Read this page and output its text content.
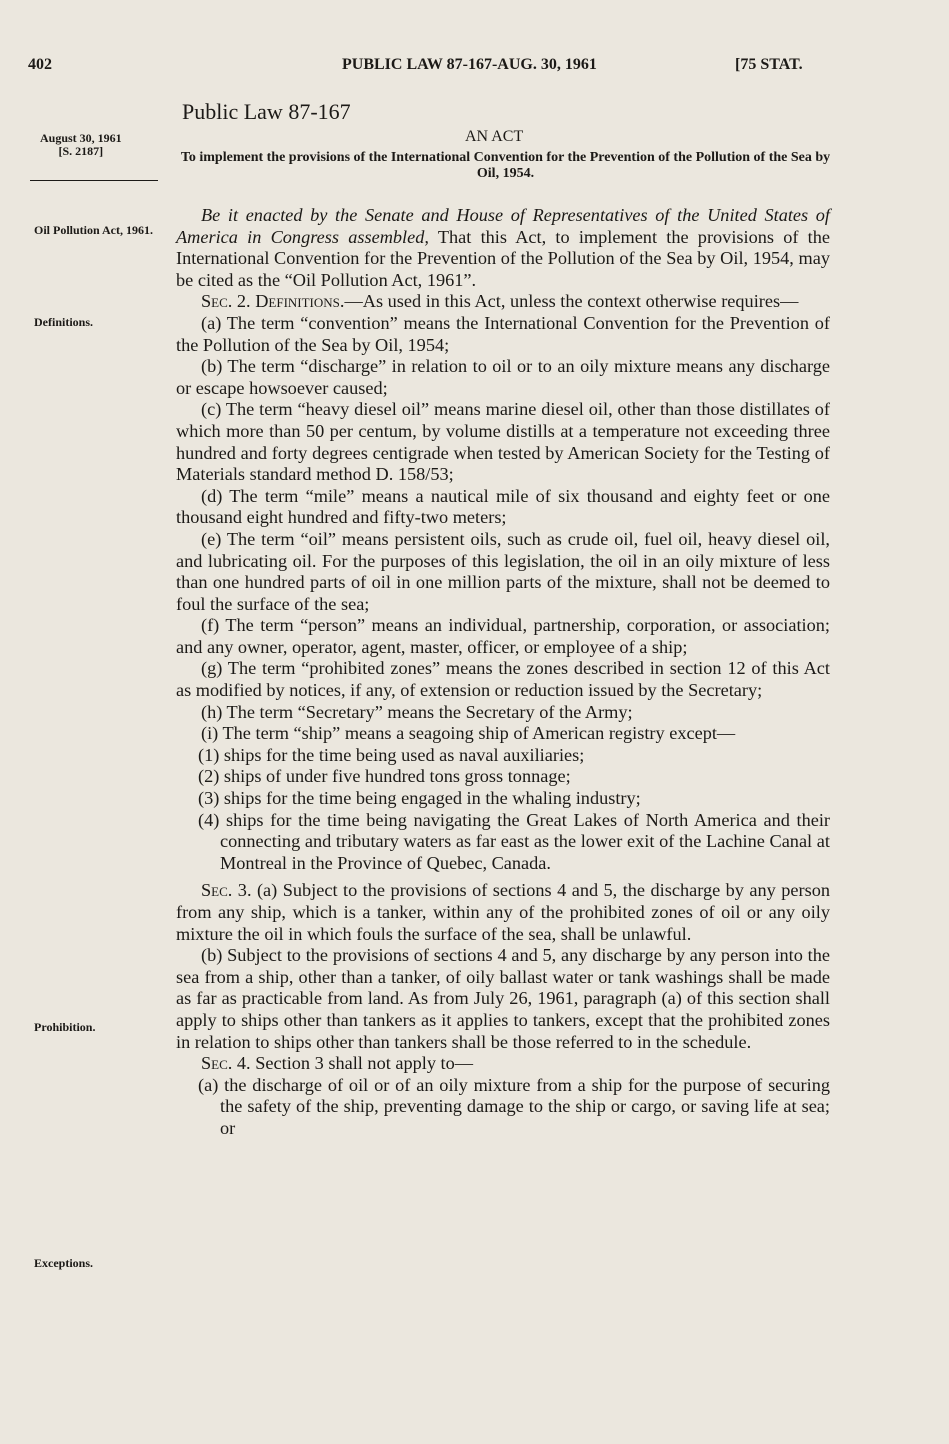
402	PUBLIC LAW 87-167-AUG. 30, 1961	[75 STAT.
Public Law 87-167
August 30, 1961
[S. 2187]
AN ACT
To implement the provisions of the International Convention for the Prevention of the Pollution of the Sea by Oil, 1954.
Oil Pollution Act, 1961.
Definitions.
Prohibition.
Exceptions.

Be it enacted by the Senate and House of Representatives of the United States of America in Congress assembled, That this Act, to implement the provisions of the International Convention for the Prevention of the Pollution of the Sea by Oil, 1954, may be cited as the “Oil Pollution Act, 1961”.

Sec. 2. Definitions.—As used in this Act, unless the context otherwise requires—

(a) The term “convention” means the International Convention for the Prevention of the Pollution of the Sea by Oil, 1954;

(b) The term “discharge” in relation to oil or to an oily mixture means any discharge or escape howsoever caused;

(c) The term “heavy diesel oil” means marine diesel oil, other than those distillates of which more than 50 per centum, by volume distills at a temperature not exceeding three hundred and forty degrees centigrade when tested by American Society for the Testing of Materials standard method D. 158/53;

(d) The term “mile” means a nautical mile of six thousand and eighty feet or one thousand eight hundred and fifty-two meters;

(e) The term “oil” means persistent oils, such as crude oil, fuel oil, heavy diesel oil, and lubricating oil. For the purposes of this legislation, the oil in an oily mixture of less than one hundred parts of oil in one million parts of the mixture, shall not be deemed to foul the surface of the sea;

(f) The term “person” means an individual, partnership, corporation, or association; and any owner, operator, agent, master, officer, or employee of a ship;

(g) The term “prohibited zones” means the zones described in section 12 of this Act as modified by notices, if any, of extension or reduction issued by the Secretary;

(h) The term “Secretary” means the Secretary of the Army;

(i) The term “ship” means a seagoing ship of American registry except—

(1) ships for the time being used as naval auxiliaries;

(2) ships of under five hundred tons gross tonnage;

(3) ships for the time being engaged in the whaling industry;

(4) ships for the time being navigating the Great Lakes of North America and their connecting and tributary waters as far east as the lower exit of the Lachine Canal at Montreal in the Province of Quebec, Canada.

Sec. 3. (a) Subject to the provisions of sections 4 and 5, the discharge by any person from any ship, which is a tanker, within any of the prohibited zones of oil or any oily mixture the oil in which fouls the surface of the sea, shall be unlawful.

(b) Subject to the provisions of sections 4 and 5, any discharge by any person into the sea from a ship, other than a tanker, of oily ballast water or tank washings shall be made as far as practicable from land. As from July 26, 1961, paragraph (a) of this section shall apply to ships other than tankers as it applies to tankers, except that the prohibited zones in relation to ships other than tankers shall be those referred to in the schedule.

Sec. 4. Section 3 shall not apply to—

(a) the discharge of oil or of an oily mixture from a ship for the purpose of securing the safety of the ship, preventing damage to the ship or cargo, or saving life at sea; or
